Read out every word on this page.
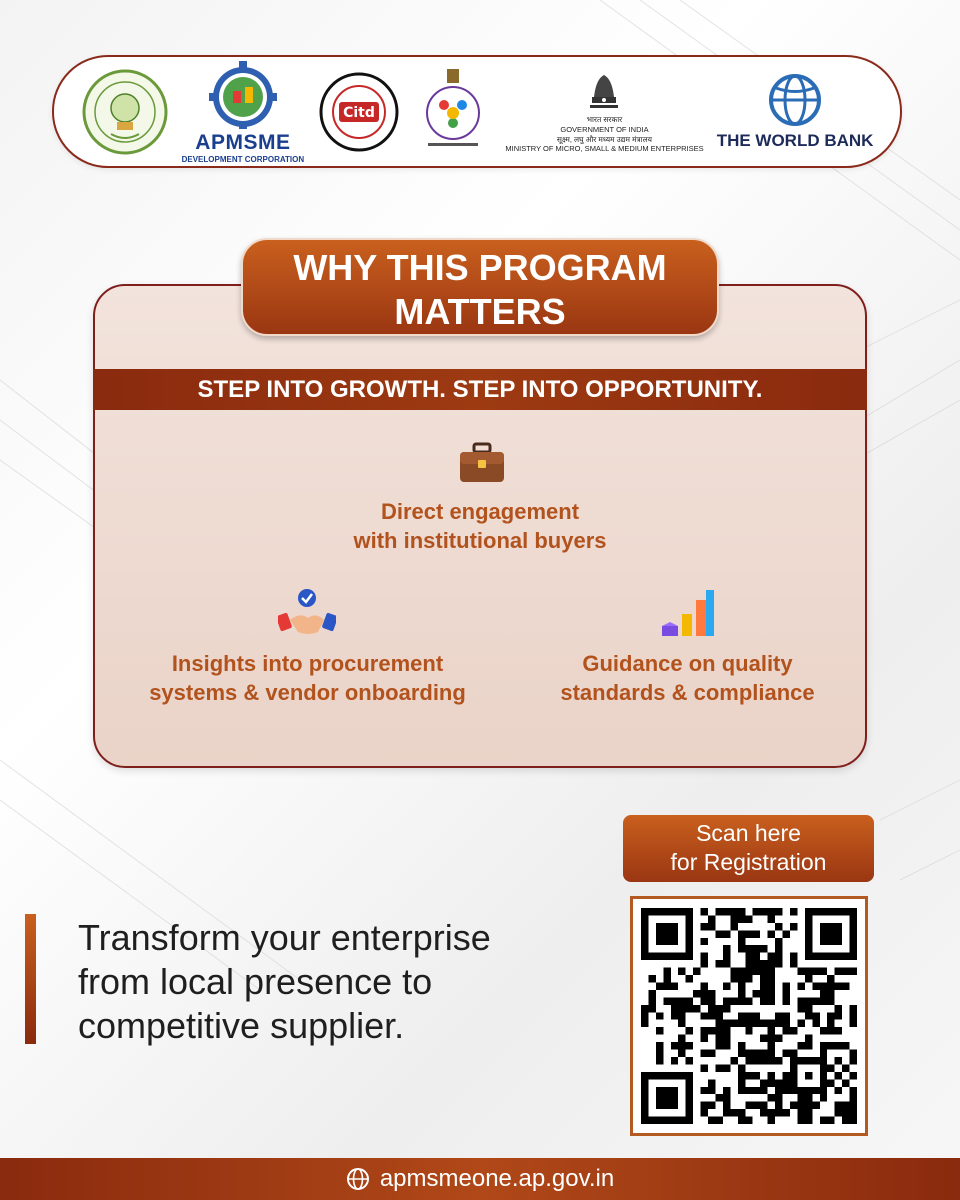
APMSME
DEVELOPMENT CORPORATION
Citd	भारत सरकार
GOVERNMENT OF INDIA
सूक्ष्म, लघु और मध्यम उद्यम मंत्रालय
MINISTRY OF MICRO, SMALL & MEDIUM ENTERPRISES THE WORLD BANK
WHY THIS PROGRAM
MATTERS
STEP INTO GROWTH. STEP INTO OPPORTUNITY.
Direct engagement
with institutional buyers
Insights into procurement
systems & vendor onboarding
Guidance on quality
standards & compliance
Transform your enterprise
from local presence to
competitive supplier.
Scan here
for Registration
apmsmeone.ap.gov.in
